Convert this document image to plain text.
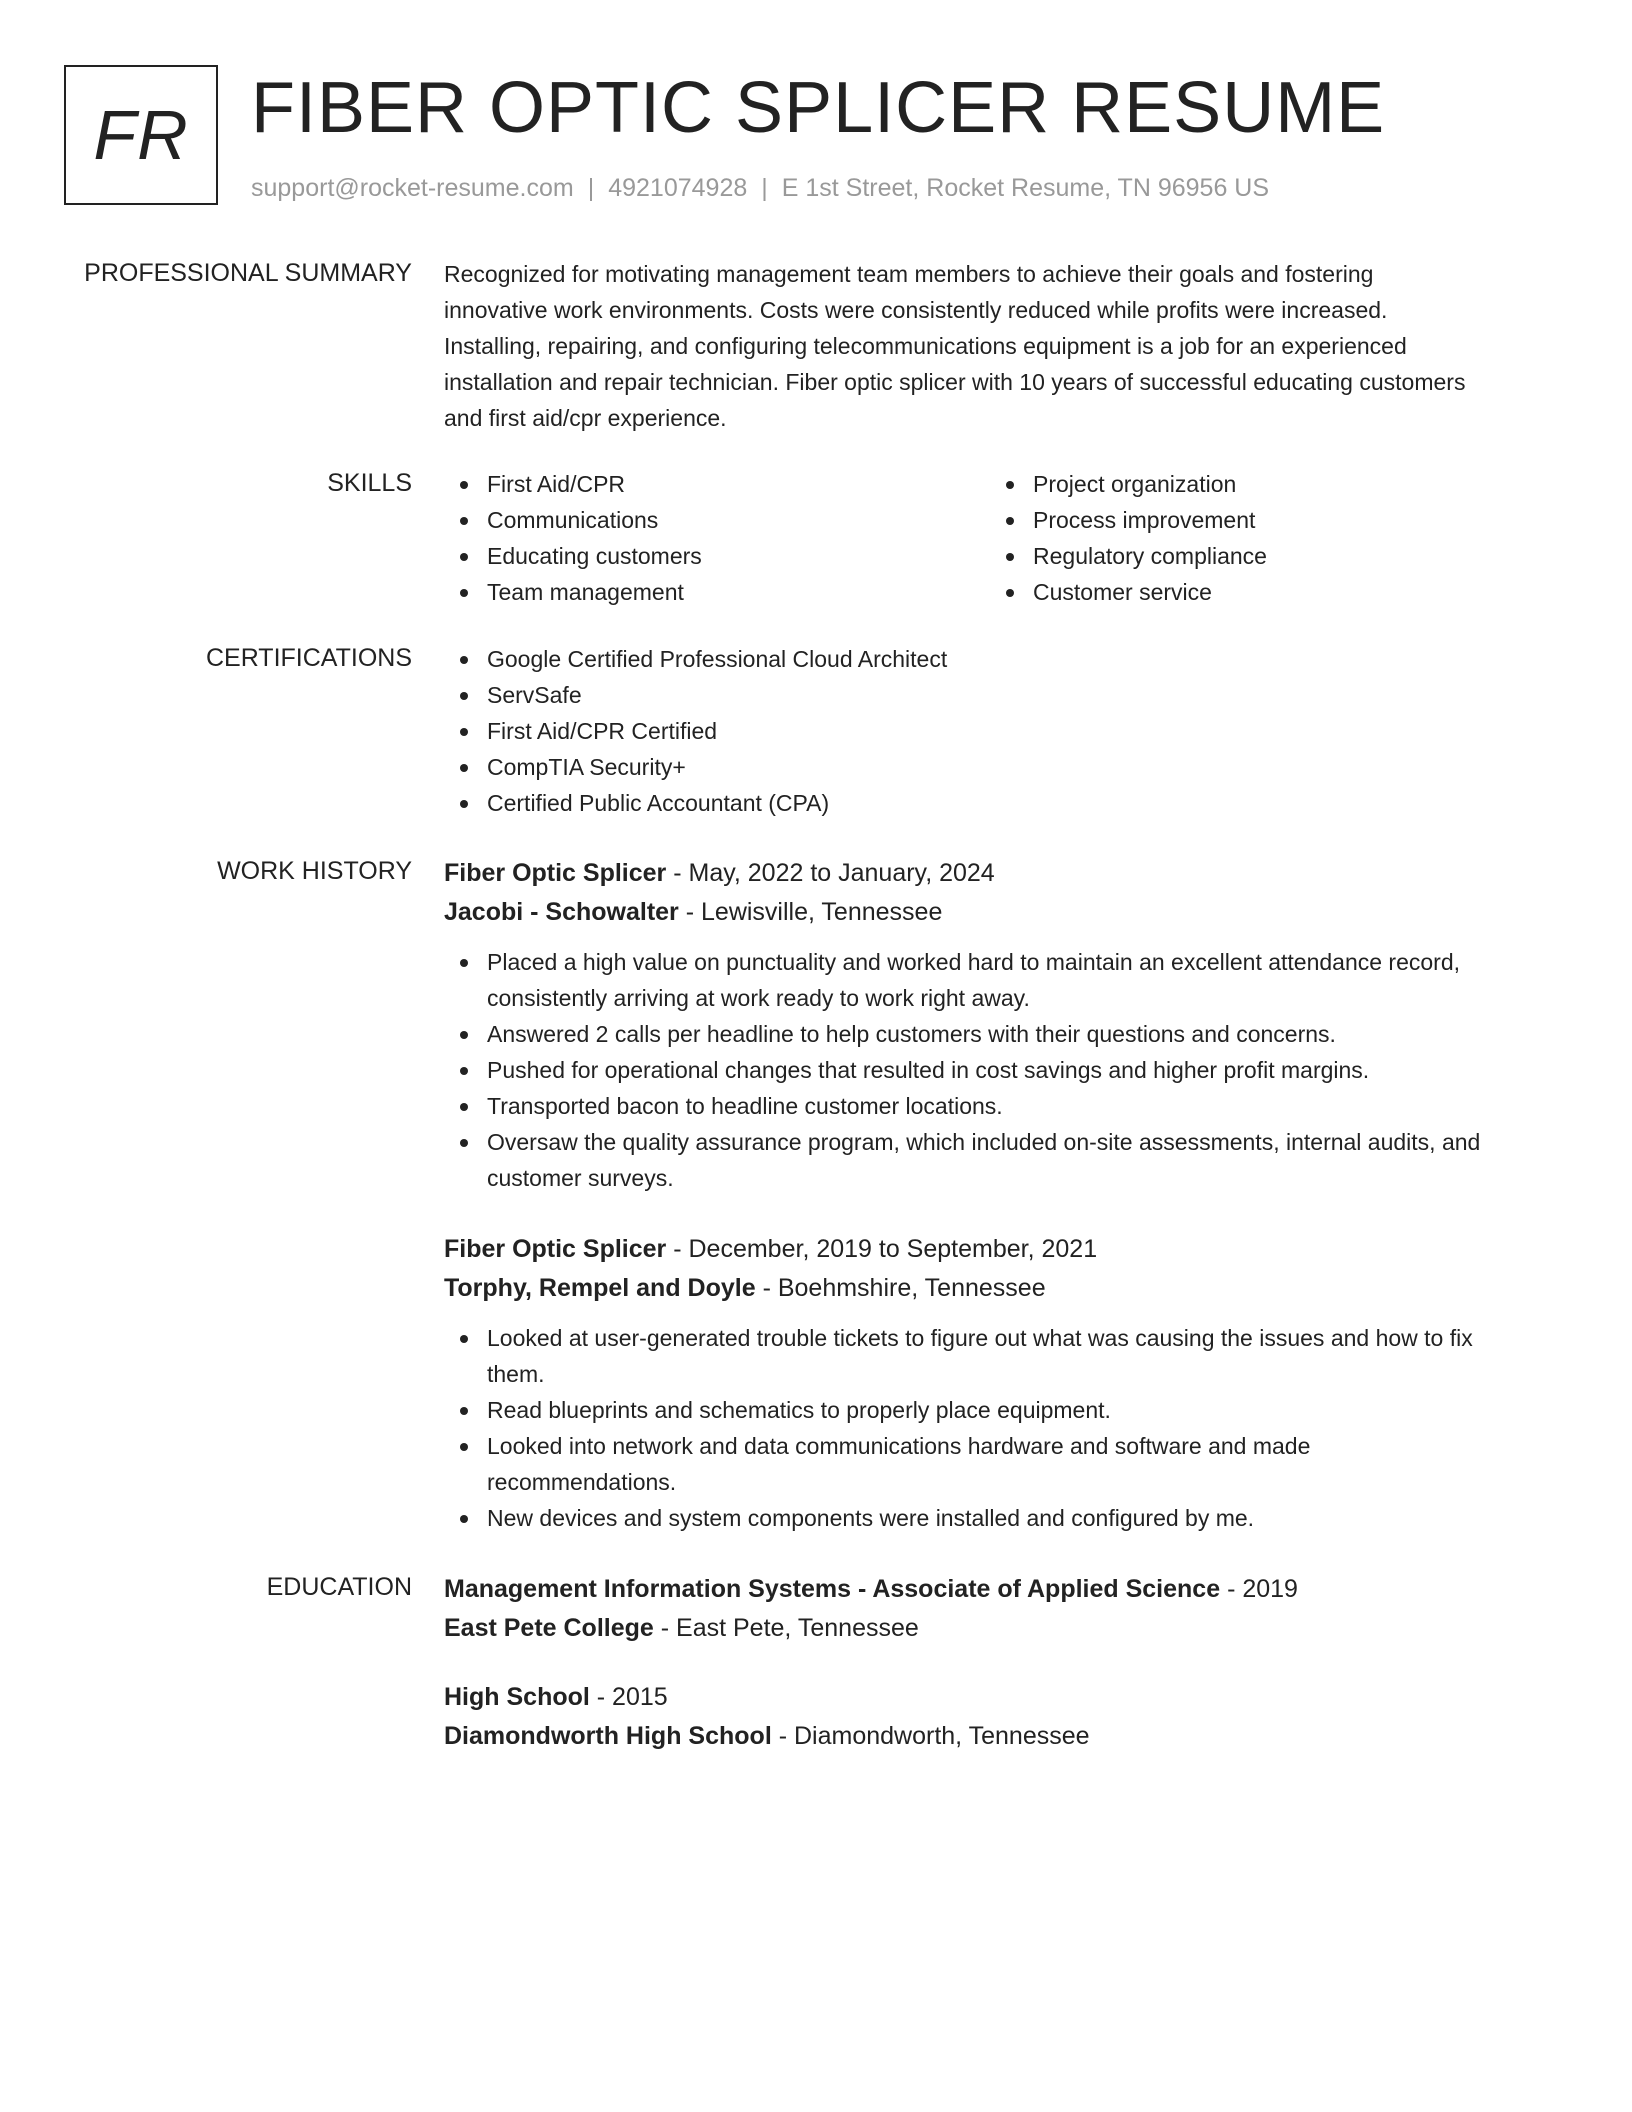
FR FIBER OPTIC SPLICER RESUME
support@rocket-resume.com | 4921074928 | E 1st Street, Rocket Resume, TN 96956 US
PROFESSIONAL SUMMARY Recognized for motivating management team members to achieve their goals and fostering
innovative work environments. Costs were consistently reduced while profits were increased.
Installing, repairing, and configuring telecommunications equipment is a job for an experienced
installation and repair technician. Fiber optic splicer with 10 years of successful educating customers
and first aid/cpr experience.
SKILLS	First Aid/CPR
Communications
Educating customers
Team management
Project organization
Process improvement
Regulatory compliance
Customer service
CERTIFICATIONS	Google Certified Professional Cloud Architect
ServSafe
First Aid/CPR Certified
CompTIA Security+
Certified Public Accountant (CPA)
WORK HISTORY Fiber Optic Splicer - May, 2022 to January, 2024
Jacobi - Schowalter - Lewisville, Tennessee
Placed a high value on punctuality and worked hard to maintain an excellent attendance record,
consistently arriving at work ready to work right away.
Answered 2 calls per headline to help customers with their questions and concerns.
Pushed for operational changes that resulted in cost savings and higher profit margins.
Transported bacon to headline customer locations.
Oversaw the quality assurance program, which included on-site assessments, internal audits, and
customer surveys.
Fiber Optic Splicer - December, 2019 to September, 2021
Torphy, Rempel and Doyle - Boehmshire, Tennessee
Looked at user-generated trouble tickets to figure out what was causing the issues and how to fix
them.
Read blueprints and schematics to properly place equipment.
Looked into network and data communications hardware and software and made
recommendations.
New devices and system components were installed and configured by me.
EDUCATION Management Information Systems - Associate of Applied Science - 2019
East Pete College - East Pete, Tennessee
High School - 2015
Diamondworth High School - Diamondworth, Tennessee
